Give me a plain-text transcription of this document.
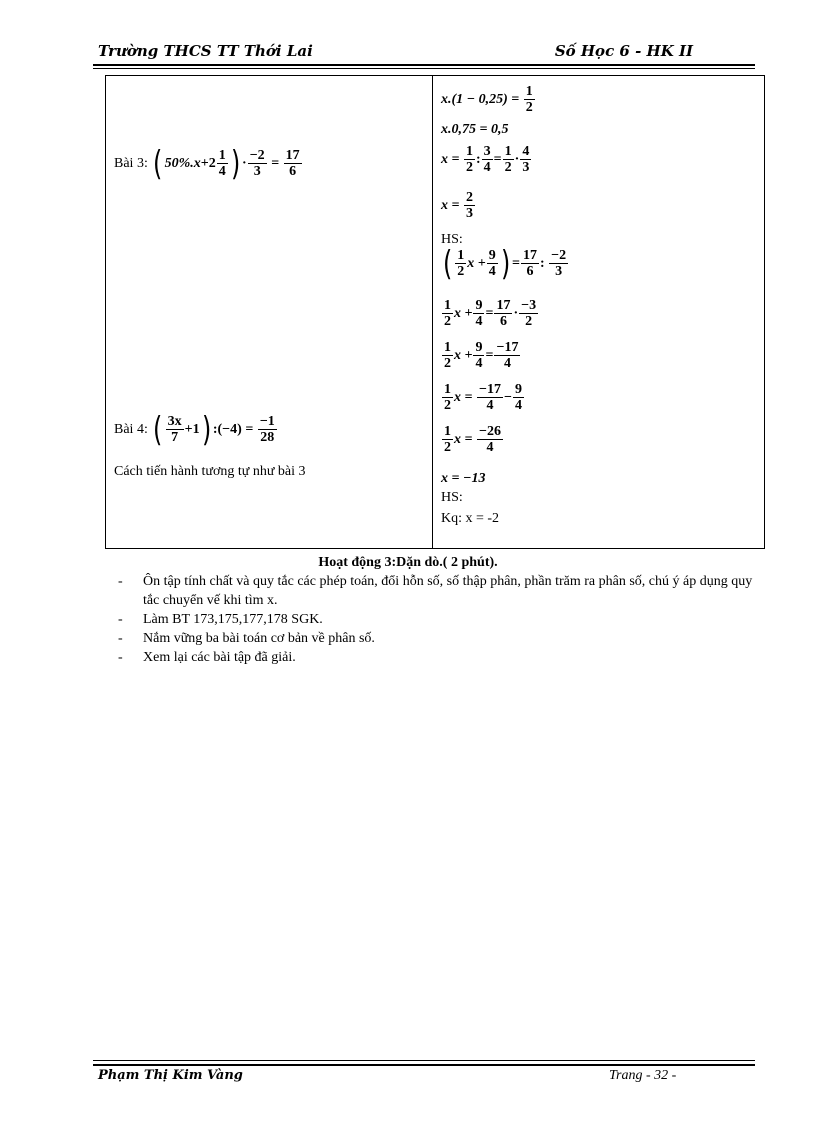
Trường THCS TT Thới Lai	Số Học 6 - HK II
Bài 3:
( $50\%.x +2 \frac{1}{4}$ ) · $\frac{-2}{3}$
=
$\frac{17}{6}$
Bài 4:
( $\frac{3x}{7} +1$ ) :(−4) =
$\frac{-1}{28}$
Cách tiến hành tương tự như bài 3
x.(1 − 0,25) =
$\frac{1}{2}$
x.0,75 = 0,5
x =
$\frac{1}{2}$ : $\frac{3}{4} = \frac{1}{2} \cdot \frac{4}{3}$
x =
$\frac{2}{3}$
HS:
( $\frac{1}{2}$ $x + \frac{9}{4}$ ) = $\frac{17}{6}$ :
$\frac{-2}{3}$
$\frac{1}{2}$ $x + \frac{9}{4} = \frac{17}{6} \cdot \frac{-3}{2}$
$\frac{1}{2}$ $x + \frac{9}{4} = \frac{-17}{4}$
$\frac{1}{2}$ x =
$\frac{-17}{4} - \frac{9}{4}$
$\frac{1}{2}$ x =
$\frac{-26}{4}$
x = −13
HS:
Kq: x = -2
Hoạt động 3:Dặn dò.( 2 phút).
- Ôn tập tính chất và quy tắc các phép toán, đổi hỗn số, số thập phân, phần trăm ra phân số, chú ý áp dụng quy tắc chuyển vế khi tìm x.
- Làm BT 173,175,177,178 SGK.
- Nắm vững ba bài toán cơ bản về phân số.
- Xem lại các bài tập đã giải.
Phạm Thị Kim Vàng	Trang - 32 -
